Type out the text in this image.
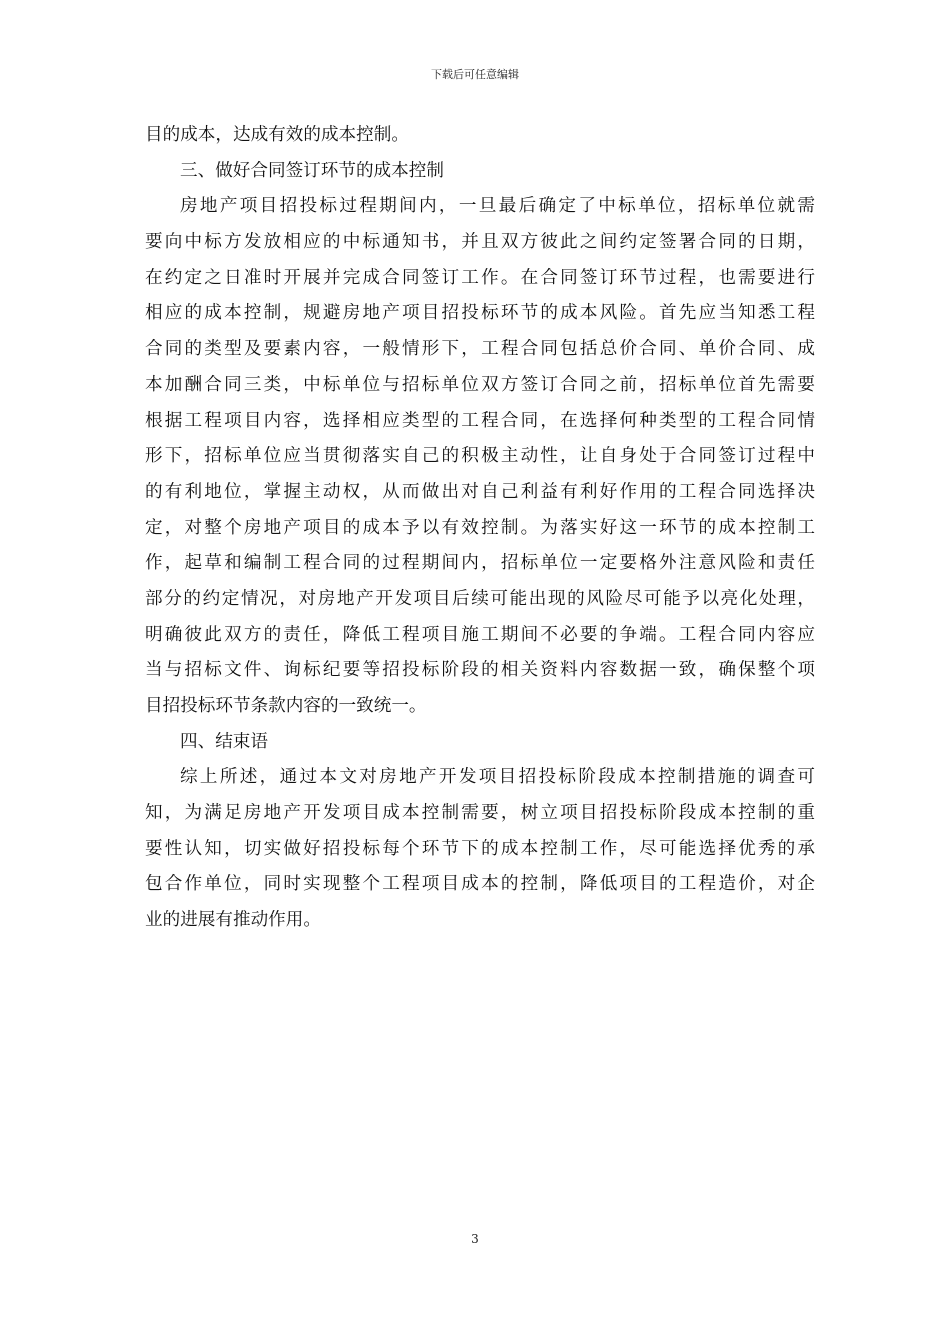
下载后可任意编辑
目的成本，达成有效的成本控制。
三、做好合同签订环节的成本控制
房地产项目招投标过程期间内，一旦最后确定了中标单位，招标单位就需
要向中标方发放相应的中标通知书，并且双方彼此之间约定签署合同的日期，
在约定之日准时开展并完成合同签订工作。在合同签订环节过程，也需要进行
相应的成本控制，规避房地产项目招投标环节的成本风险。首先应当知悉工程
合同的类型及要素内容，一般情形下，工程合同包括总价合同、单价合同、成
本加酬合同三类，中标单位与招标单位双方签订合同之前，招标单位首先需要
根据工程项目内容，选择相应类型的工程合同，在选择何种类型的工程合同情
形下，招标单位应当贯彻落实自己的积极主动性，让自身处于合同签订过程中
的有利地位，掌握主动权，从而做出对自己利益有利好作用的工程合同选择决
定，对整个房地产项目的成本予以有效控制。为落实好这一环节的成本控制工
作，起草和编制工程合同的过程期间内，招标单位一定要格外注意风险和责任
部分的约定情况，对房地产开发项目后续可能出现的风险尽可能予以亮化处理，
明确彼此双方的责任，降低工程项目施工期间不必要的争端。工程合同内容应
当与招标文件、询标纪要等招投标阶段的相关资料内容数据一致，确保整个项
目招投标环节条款内容的一致统一。
四、结束语
综上所述，通过本文对房地产开发项目招投标阶段成本控制措施的调查可
知，为满足房地产开发项目成本控制需要，树立项目招投标阶段成本控制的重
要性认知，切实做好招投标每个环节下的成本控制工作，尽可能选择优秀的承
包合作单位，同时实现整个工程项目成本的控制，降低项目的工程造价，对企
业的进展有推动作用。
3
